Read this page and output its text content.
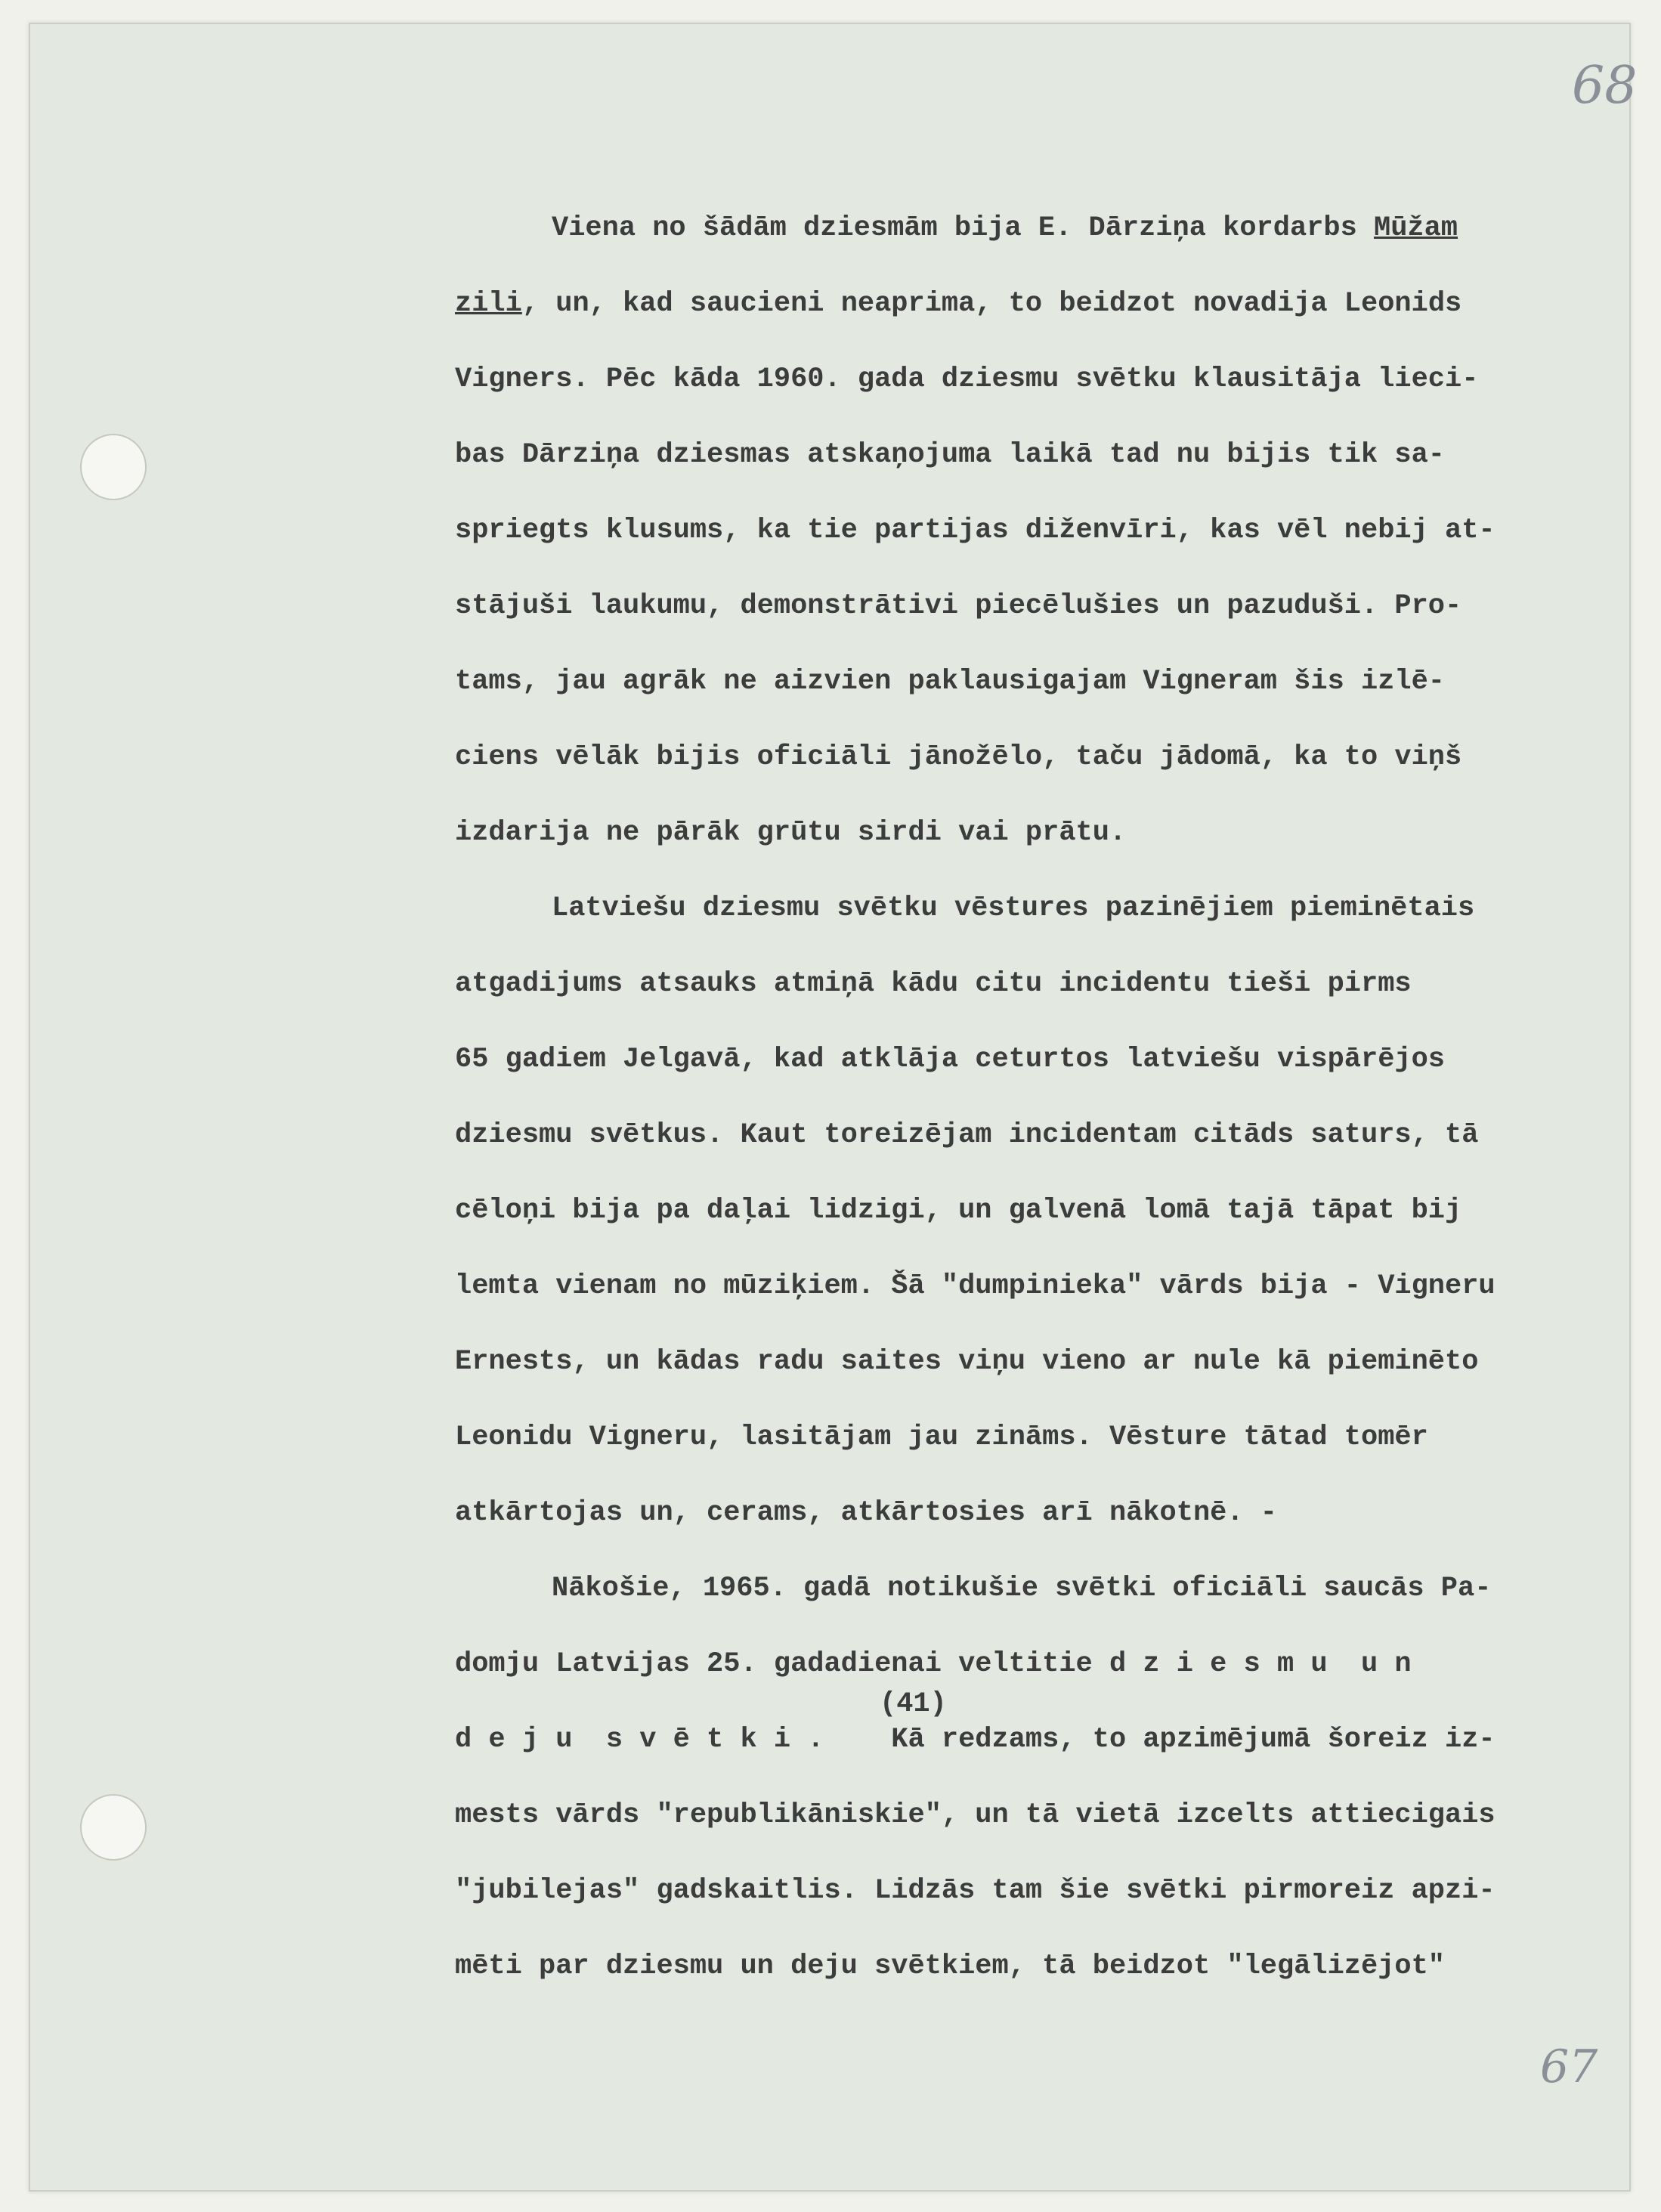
68
Viena no šādām dziesmām bija E. Dārziņa kordarbs Mūžam
zili, un, kad saucieni neaprima, to beidzot novadija Leonids
Vigners. Pēc kāda 1960. gada dziesmu svētku klausitāja lieci-
bas Dārziņa dziesmas atskaņojuma laikā tad nu bijis tik sa-
spriegts klusums, ka tie partijas diženvīri, kas vēl nebij at-
stājuši laukumu, demonstrātivi piecēlušies un pazuduši. Pro-
tams, jau agrāk ne aizvien paklausigajam Vigneram šis izlē-
ciens vēlāk bijis oficiāli jānožēlo, taču jādomā, ka to viņš
izdarija ne pārāk grūtu sirdi vai prātu.
Latviešu dziesmu svētku vēstures pazinējiem pieminētais
atgadijums atsauks atmiņā kādu citu incidentu tieši pirms
65 gadiem Jelgavā, kad atklāja ceturtos latviešu vispārējos
dziesmu svētkus. Kaut toreizējam incidentam citāds saturs, tā
cēloņi bija pa daļai lidzigi, un galvenā lomā tajā tāpat bij
lemta vienam no mūziķiem. Šā "dumpinieka" vārds bija - Vigneru
Ernests, un kādas radu saites viņu vieno ar nule kā pieminēto
Leonidu Vigneru, lasitājam jau zināms. Vēsture tātad tomēr
atkārtojas un, cerams, atkārtosies arī nākotnē. -
Nākošie, 1965. gadā notikušie svētki oficiāli saucās Pa-
domju Latvijas 25. gadadienai veltitie d z i e s m u  u n
d e j u  s v ē t k i .    Kā redzams, to apzimējumā šoreiz iz-
mests vārds "republikāniskie", un tā vietā izcelts attiecigais
"jubilejas" gadskaitlis. Lidzās tam šie svētki pirmoreiz apzi-
mēti par dziesmu un deju svētkiem, tā beidzot "legālizējot"
(41)
67
